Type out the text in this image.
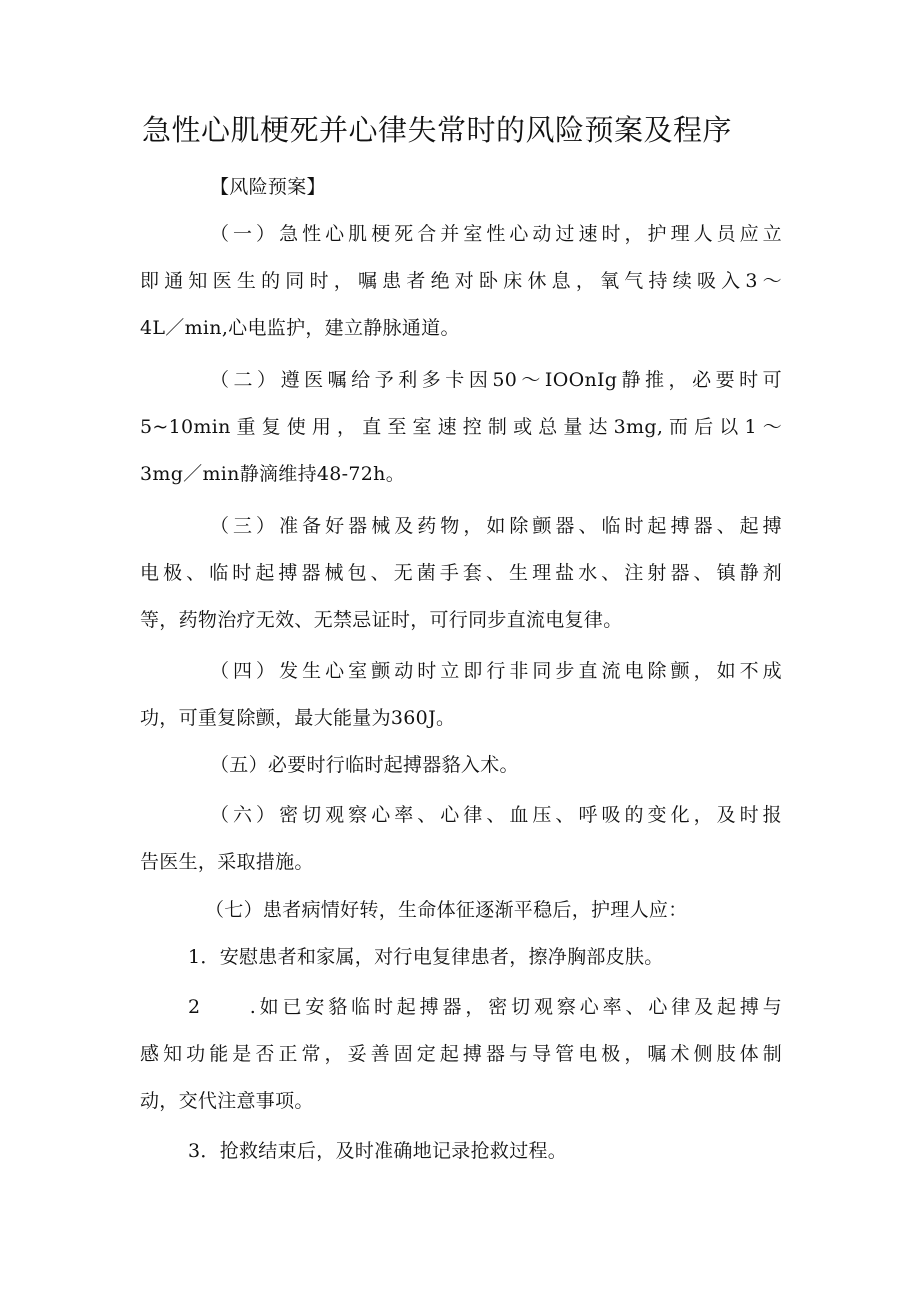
急性心肌梗死并心律失常时的风险预案及程序
【风险预案】
（一）急性心肌梗死合并室性心动过速时，护理人员应立
即通知医生的同时，嘱患者绝对卧床休息，氧气持续吸入3～
4L／min,心电监护，建立静脉通道。
（二）遵医嘱给予利多卡因50～IOOnIg静推，必要时可
5~10min重复使用，直至室速控制或总量达3mg,而后以1～
3mg／min静滴维持48-72h。
（三）准备好器械及药物，如除颤器、临时起搏器、起搏
电极、临时起搏器械包、无菌手套、生理盐水、注射器、镇静剂
等，药物治疗无效、无禁忌证时，可行同步直流电复律。
（四）发生心室颤动时立即行非同步直流电除颤，如不成
功，可重复除颤，最大能量为360J。
（五）必要时行临时起搏器貉入术。
（六）密切观察心率、心律、血压、呼吸的变化，及时报
告医生，采取措施。
（七）患者病情好转，生命体征逐渐平稳后，护理人应：
1．安慰患者和家属，对行电复律患者，擦净胸部皮肤。
2　　.如已安貉临时起搏器，密切观察心率、心律及起搏与
感知功能是否正常，妥善固定起搏器与导管电极，嘱术侧肢体制
动，交代注意事项。
3．抢救结束后，及时准确地记录抢救过程。
